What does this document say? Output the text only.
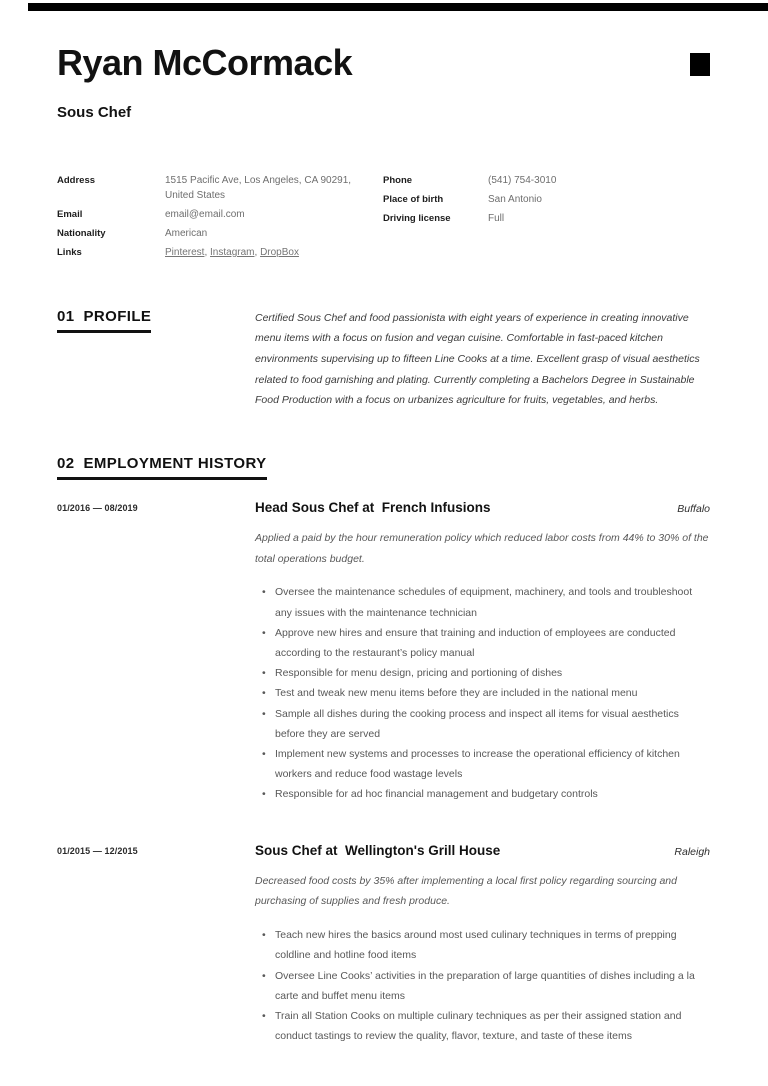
Ryan McCormack
Sous Chef
Address	1515 Pacific Ave, Los Angeles, CA 90291, United States
Email	email@email.com
Nationality	American
Links	Pinterest, Instagram, DropBox
Phone	(541) 754-3010
Place of birth	San Antonio
Driving license	Full
01 PROFILE	Certified Sous Chef and food passionista with eight years of experience in creating innovative menu items with a focus on fusion and vegan cuisine. Comfortable in fast-paced kitchen environments supervising up to fifteen Line Cooks at a time. Excellent grasp of visual aesthetics related to food garnishing and plating. Currently completing a Bachelors Degree in Sustainable Food Production with a focus on urbanizes agriculture for fruits, vegetables, and herbs.
02 EMPLOYMENT HISTORY
01/2016 — 08/2019	Head Sous Chef at  French Infusions	Buffalo
Applied a paid by the hour remuneration policy which reduced labor costs from 44% to 30% of the total operations budget.
• Oversee the maintenance schedules of equipment, machinery, and tools and troubleshoot any issues with the maintenance technician
• Approve new hires and ensure that training and induction of employees are conducted according to the restaurant’s policy manual
• Responsible for menu design, pricing and portioning of dishes
• Test and tweak new menu items before they are included in the national menu
• Sample all dishes during the cooking process and inspect all items for visual aesthetics before they are served
• Implement new systems and processes to increase the operational efficiency of kitchen workers and reduce food wastage levels
• Responsible for ad hoc financial management and budgetary controls
01/2015 — 12/2015	Sous Chef at  Wellington's Grill House	Raleigh
Decreased food costs by 35% after implementing a local first policy regarding sourcing and purchasing of supplies and fresh produce.
• Teach new hires the basics around most used culinary techniques in terms of prepping coldline and hotline food items
• Oversee Line Cooks’ activities in the preparation of large quantities of dishes including a la carte and buffet menu items
• Train all Station Cooks on multiple culinary techniques as per their assigned station and conduct tastings to review the quality, flavor, texture, and taste of these items
